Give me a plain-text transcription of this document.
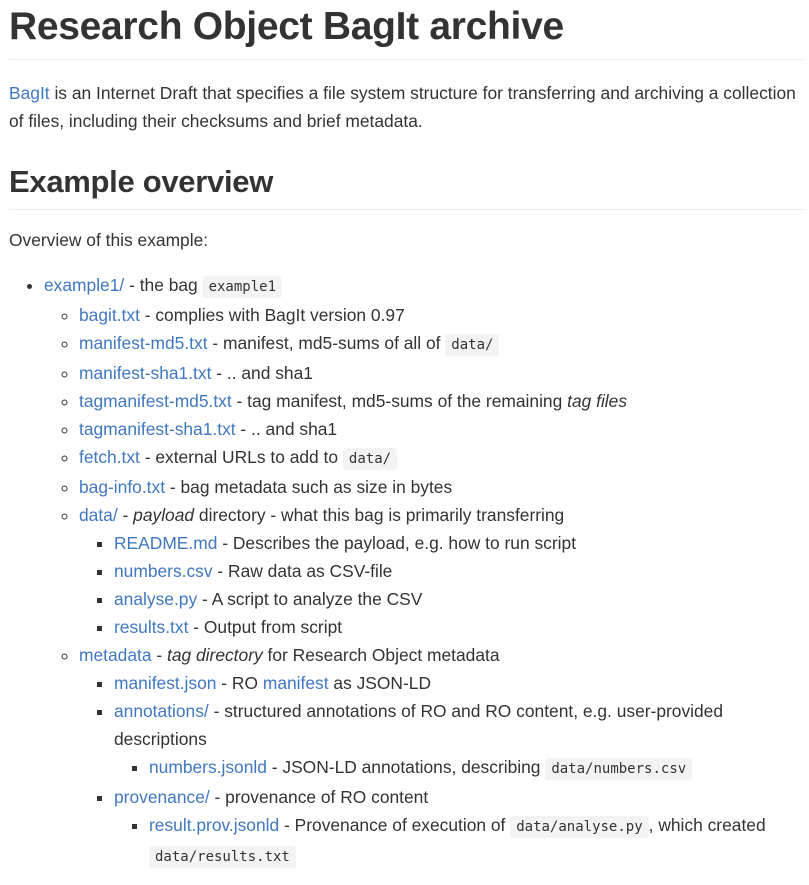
Research Object BagIt archive

BagIt is an Internet Draft that specifies a file system structure for transferring and archiving a collection of files, including their checksums and brief metadata.

Example overview

Overview of this example:

• example1/ - the bag example1
◦ bagit.txt - complies with BagIt version 0.97
◦ manifest-md5.txt - manifest, md5-sums of all of data/
◦ manifest-sha1.txt - .. and sha1
◦ tagmanifest-md5.txt - tag manifest, md5-sums of the remaining tag files
◦ tagmanifest-sha1.txt - .. and sha1
◦ fetch.txt - external URLs to add to data/
◦ bag-info.txt - bag metadata such as size in bytes
◦ data/ - payload directory - what this bag is primarily transferring
▪ README.md - Describes the payload, e.g. how to run script
▪ numbers.csv - Raw data as CSV-file
▪ analyse.py - A script to analyze the CSV
▪ results.txt - Output from script
◦ metadata - tag directory for Research Object metadata
▪ manifest.json - RO manifest as JSON-LD
▪ annotations/ - structured annotations of RO and RO content, e.g. user-provided descriptions
▪ numbers.jsonld - JSON-LD annotations, describing data/numbers.csv
▪ provenance/ - provenance of RO content
▪ result.prov.jsonld - Provenance of execution of data/analyse.py , which created data/results.txt
